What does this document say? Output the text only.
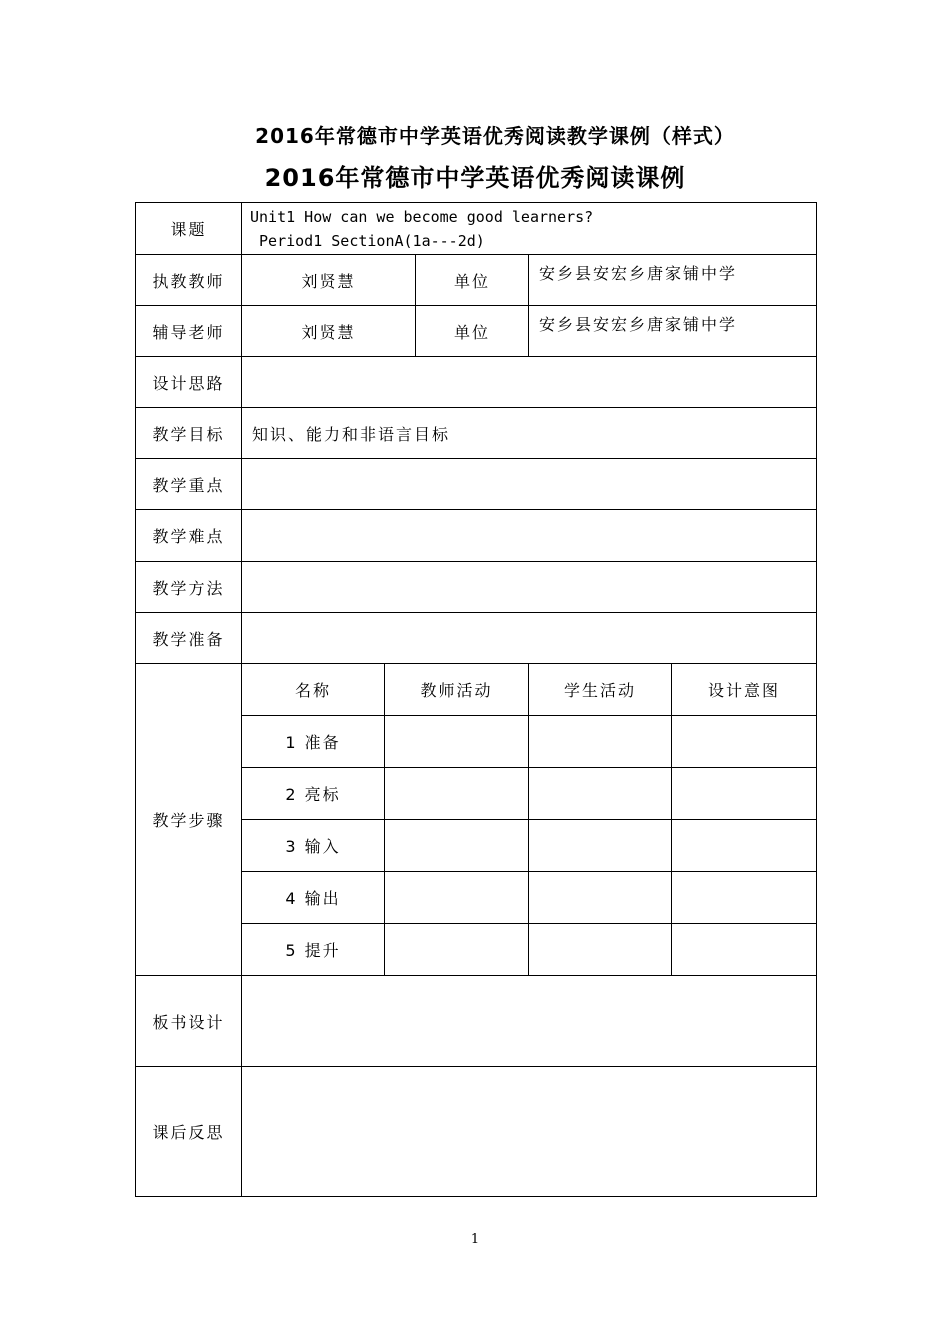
2016年常德市中学英语优秀阅读教学课例（样式）
2016年常德市中学英语优秀阅读课例
课题	Unit1 How can we become good learners?
Period1 SectionA(1a---2d)				
执教教师	刘贤慧		单位	安乡县安宏乡唐家铺中学	
辅导老师	刘贤慧		单位	安乡县安宏乡唐家铺中学	
设计思路					
教学目标	知识、能力和非语言目标				
教学重点					
教学难点					
教学方法					
教学准备					
教学步骤	名称	教师活动		学生活动	设计意图
	1 准备				
	2 亮标				
	3 输入				
	4 输出				
	5 提升				
板书设计					
课后反思					
1
